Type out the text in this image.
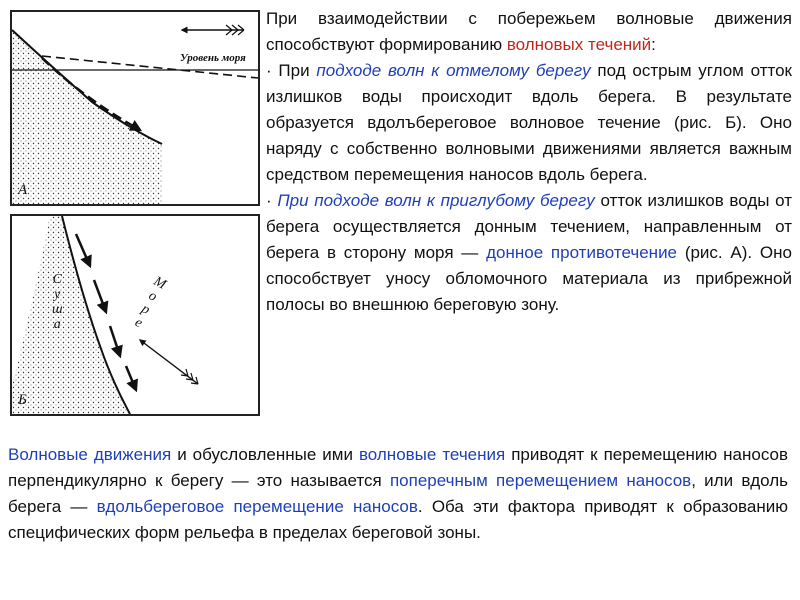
Уровень моря
А
С
у
ш
а
М
о
р
е
Б

При взаимодействии с побережьем волновые движения способствуют формированию волновых течений:

· При подходе волн к отмелому берегу под острым углом отток излишков воды происходит вдоль берега. В результате образуется вдолъбереговое волновое течение (рис. Б). Оно наряду с собственно волновыми движениями является важным средством перемещения наносов вдоль берега.

· При подходе волн к приглубому берегу отток излишков воды от берега осуществляется донным течением, направленным от берега в сторону моря — донное противотечение (рис. А). Оно способствует уносу обломочного материала из прибрежной полосы во внешнюю береговую зону.

Волновые движения и обусловленные ими волновые течения приводят к перемещению наносов перпендикулярно к берегу — это называется поперечным перемещением наносов, или вдоль берега — вдольбереговое перемещение наносов. Оба эти фактора приводят к образованию специфических форм рельефа в пределах береговой зоны.
